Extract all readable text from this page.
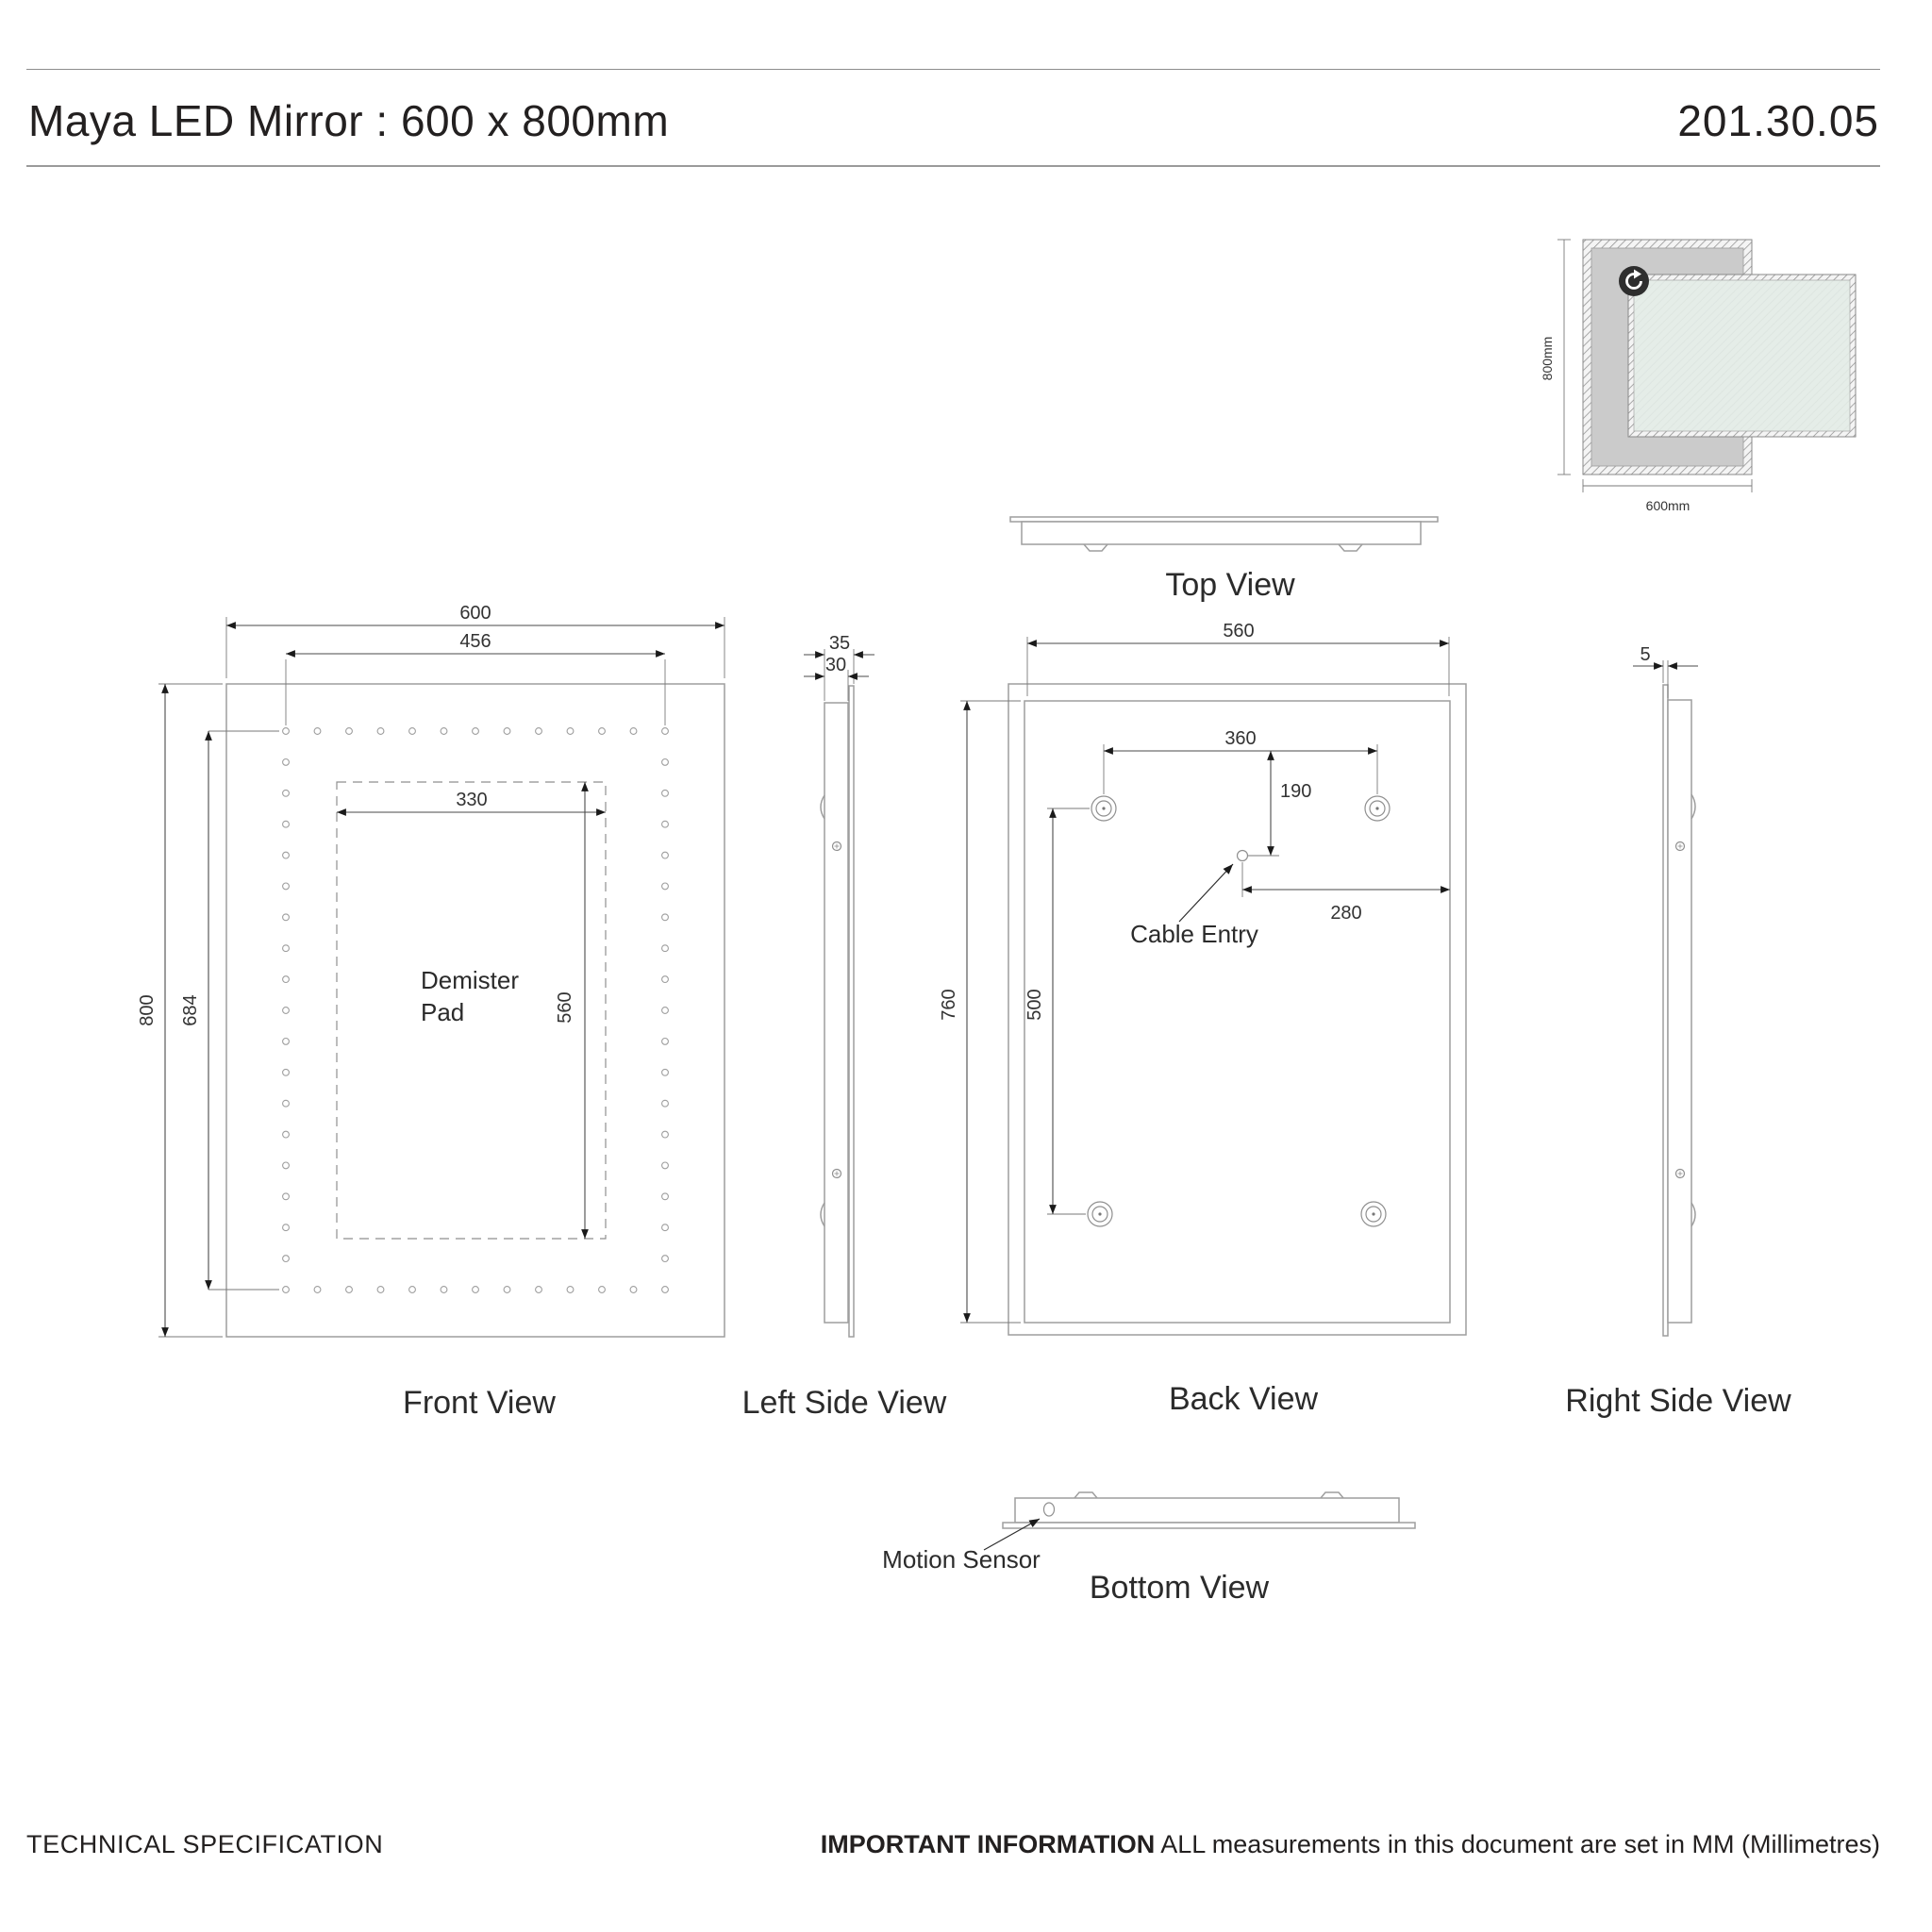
Maya LED Mirror : 600 x 800mm	201.30.05
800mm
600mm
Top View
Demister
Pad
600
456
800 684
330
560
Front View
35
30
Left Side View
560
360
190
280
760	500
Cable Entry
Back View
5
Right Side View
Motion Sensor
Bottom View
TECHNICAL SPECIFICATION	IMPORTANT INFORMATION ALL measurements in this document are set in MM (Millimetres)
